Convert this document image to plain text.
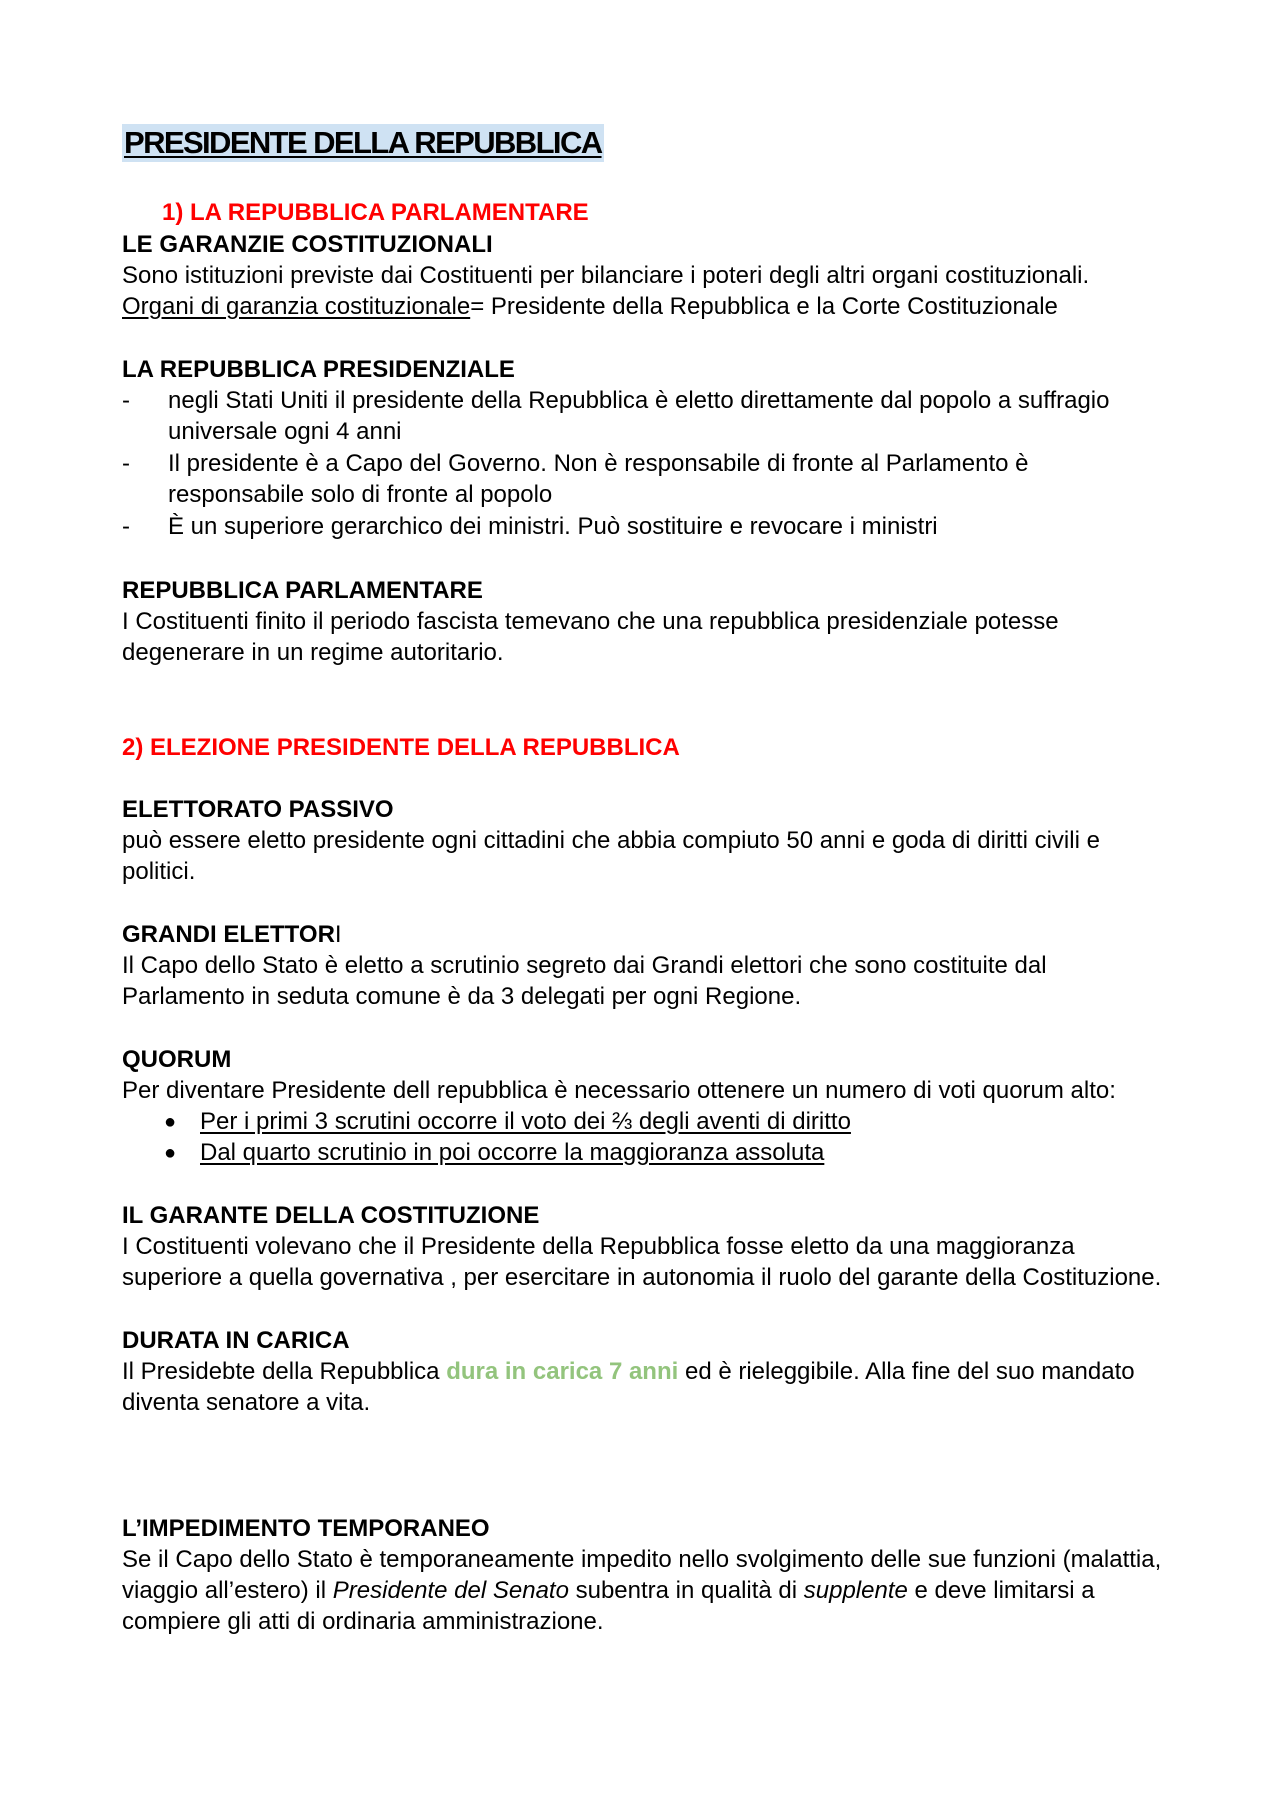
PRESIDENTE DELLA REPUBBLICA
1) LA REPUBBLICA PARLAMENTARE
LE GARANZIE COSTITUZIONALI
Sono istituzioni previste dai Costituenti per bilanciare i poteri degli altri organi costituzionali.
Organi di garanzia costituzionale= Presidente della Repubblica e la Corte Costituzionale
LA REPUBBLICA PRESIDENZIALE
- negli Stati Uniti il presidente della Repubblica è eletto direttamente dal popolo a suffragio
universale ogni 4 anni
- Il presidente è a Capo del Governo. Non è responsabile di fronte al Parlamento è
responsabile solo di fronte al popolo
- È un superiore gerarchico dei ministri. Può sostituire e revocare i ministri
REPUBBLICA PARLAMENTARE
I Costituenti finito il periodo fascista temevano che una repubblica presidenziale potesse
degenerare in un regime autoritario.
2) ELEZIONE PRESIDENTE DELLA REPUBBLICA
ELETTORATO PASSIVO
può essere eletto presidente ogni cittadini che abbia compiuto 50 anni e goda di diritti civili e
politici.
GRANDI ELETTORI
Il Capo dello Stato è eletto a scrutinio segreto dai Grandi elettori che sono costituite dal
Parlamento in seduta comune è da 3 delegati per ogni Regione.
QUORUM
Per diventare Presidente dell repubblica è necessario ottenere un numero di voti quorum alto:
● Per i primi 3 scrutini occorre il voto dei ⅔ degli aventi di diritto
● Dal quarto scrutinio in poi occorre la maggioranza assoluta
IL GARANTE DELLA COSTITUZIONE
I Costituenti volevano che il Presidente della Repubblica fosse eletto da una maggioranza
superiore a quella governativa , per esercitare in autonomia il ruolo del garante della Costituzione.
DURATA IN CARICA
Il Presidebte della Repubblica dura in carica 7 anni ed è rieleggibile. Alla fine del suo mandato
diventa senatore a vita.
L’IMPEDIMENTO TEMPORANEO
Se il Capo dello Stato è temporaneamente impedito nello svolgimento delle sue funzioni (malattia,
viaggio all’estero) il Presidente del Senato subentra in qualità di supplente e deve limitarsi a
compiere gli atti di ordinaria amministrazione.
